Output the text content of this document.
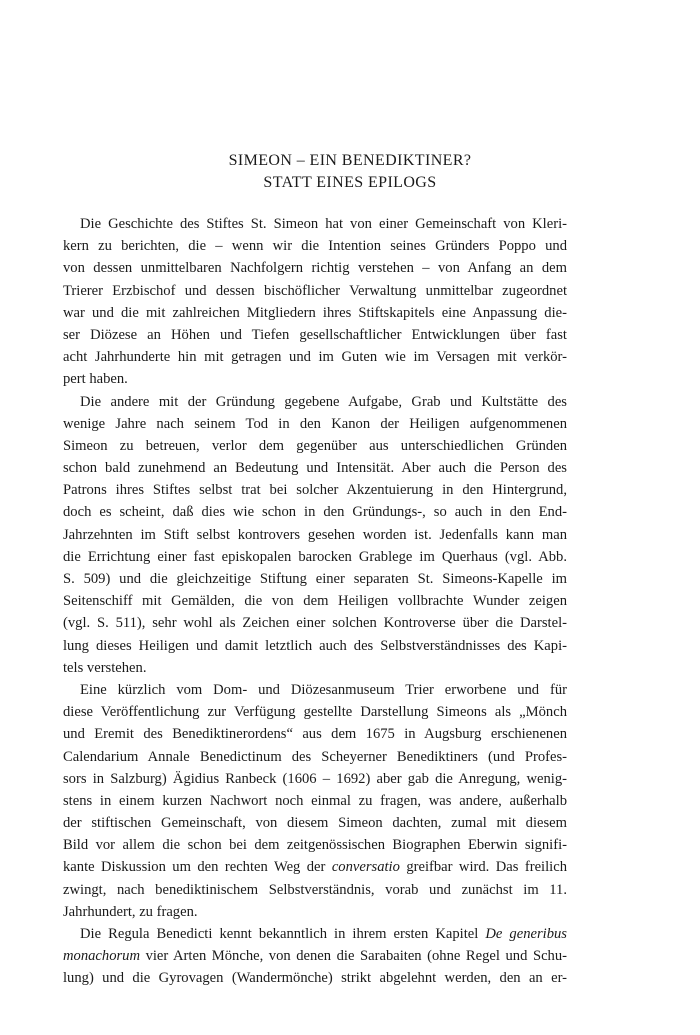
SIMEON – EIN BENEDIKTINER?
STATT EINES EPILOGS
Die Geschichte des Stiftes St. Simeon hat von einer Gemeinschaft von Kleri-
kern zu berichten, die – wenn wir die Intention seines Gründers Poppo und
von dessen unmittelbaren Nachfolgern richtig verstehen – von Anfang an dem
Trierer Erzbischof und dessen bischöflicher Verwaltung unmittelbar zugeordnet
war und die mit zahlreichen Mitgliedern ihres Stiftskapitels eine Anpassung die-
ser Diözese an Höhen und Tiefen gesellschaftlicher Entwicklungen über fast
acht Jahrhunderte hin mit getragen und im Guten wie im Versagen mit verkör-
pert haben.
Die andere mit der Gründung gegebene Aufgabe, Grab und Kultstätte des
wenige Jahre nach seinem Tod in den Kanon der Heiligen aufgenommenen
Simeon zu betreuen, verlor dem gegenüber aus unterschiedlichen Gründen
schon bald zunehmend an Bedeutung und Intensität. Aber auch die Person des
Patrons ihres Stiftes selbst trat bei solcher Akzentuierung in den Hintergrund,
doch es scheint, daß dies wie schon in den Gründungs-, so auch in den End-
Jahrzehnten im Stift selbst kontrovers gesehen worden ist. Jedenfalls kann man
die Errichtung einer fast episkopalen barocken Grablege im Querhaus (vgl. Abb.
S. 509) und die gleichzeitige Stiftung einer separaten St. Simeons-Kapelle im
Seitenschiff mit Gemälden, die von dem Heiligen vollbrachte Wunder zeigen
(vgl. S. 511), sehr wohl als Zeichen einer solchen Kontroverse über die Darstel-
lung dieses Heiligen und damit letztlich auch des Selbstverständnisses des Kapi-
tels verstehen.
Eine kürzlich vom Dom- und Diözesanmuseum Trier erworbene und für
diese Veröffentlichung zur Verfügung gestellte Darstellung Simeons als „Mönch
und Eremit des Benediktinerordens“ aus dem 1675 in Augsburg erschienenen
Calendarium Annale Benedictinum des Scheyerner Benediktiners (und Profes-
sors in Salzburg) Ägidius Ranbeck (1606 – 1692) aber gab die Anregung, wenig-
stens in einem kurzen Nachwort noch einmal zu fragen, was andere, außerhalb
der stiftischen Gemeinschaft, von diesem Simeon dachten, zumal mit diesem
Bild vor allem die schon bei dem zeitgenössischen Biographen Eberwin signifi-
kante Diskussion um den rechten Weg der conversatio greifbar wird. Das freilich
zwingt, nach benediktinischem Selbstverständnis, vorab und zunächst im 11.
Jahrhundert, zu fragen.
Die Regula Benedicti kennt bekanntlich in ihrem ersten Kapitel De generibus
monachorum vier Arten Mönche, von denen die Sarabaiten (ohne Regel und Schu-
lung) und die Gyrovagen (Wandermönche) strikt abgelehnt werden, den an er-
